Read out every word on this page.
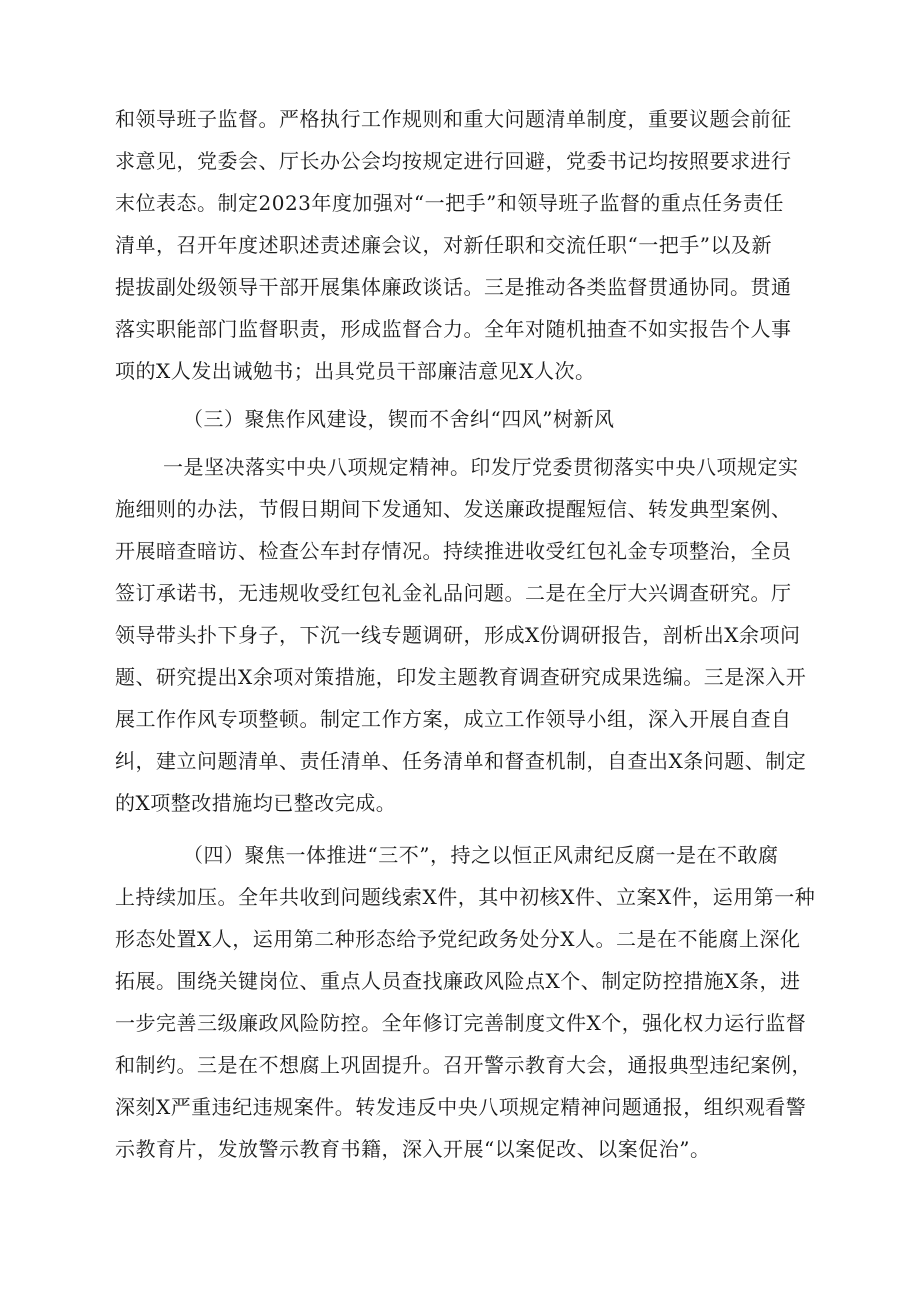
和领导班子监督。严格执行工作规则和重大问题清单制度，重要议题会前征
求意见，党委会、厅长办公会均按规定进行回避，党委书记均按照要求进行
末位表态。制定2023年度加强对“一把手”和领导班子监督的重点任务责任
清单，召开年度述职述责述廉会议，对新任职和交流任职“一把手”以及新
提拔副处级领导干部开展集体廉政谈话。三是推动各类监督贯通协同。贯通
落实职能部门监督职责，形成监督合力。全年对随机抽查不如实报告个人事
项的X人发出诫勉书；出具党员干部廉洁意见X人次。
（三）聚焦作风建设，锲而不舍纠“四风”树新风
一是坚决落实中央八项规定精神。印发厅党委贯彻落实中央八项规定实
施细则的办法，节假日期间下发通知、发送廉政提醒短信、转发典型案例、
开展暗查暗访、检查公车封存情况。持续推进收受红包礼金专项整治，全员
签订承诺书，无违规收受红包礼金礼品问题。二是在全厅大兴调查研究。厅
领导带头扑下身子，下沉一线专题调研，形成X份调研报告，剖析出X余项问
题、研究提出X余项对策措施，印发主题教育调查研究成果选编。三是深入开
展工作作风专项整顿。制定工作方案，成立工作领导小组，深入开展自查自
纠，建立问题清单、责任清单、任务清单和督查机制，自查出X条问题、制定
的X项整改措施均已整改完成。
（四）聚焦一体推进“三不”，持之以恒正风肃纪反腐一是在不敢腐
上持续加压。全年共收到问题线索X件，其中初核X件、立案X件，运用第一种
形态处置X人，运用第二种形态给予党纪政务处分X人。二是在不能腐上深化
拓展。围绕关键岗位、重点人员查找廉政风险点X个、制定防控措施X条，进
一步完善三级廉政风险防控。全年修订完善制度文件X个，强化权力运行监督
和制约。三是在不想腐上巩固提升。召开警示教育大会，通报典型违纪案例，
深刻X严重违纪违规案件。转发违反中央八项规定精神问题通报，组织观看警
示教育片，发放警示教育书籍，深入开展“以案促改、以案促治”。
